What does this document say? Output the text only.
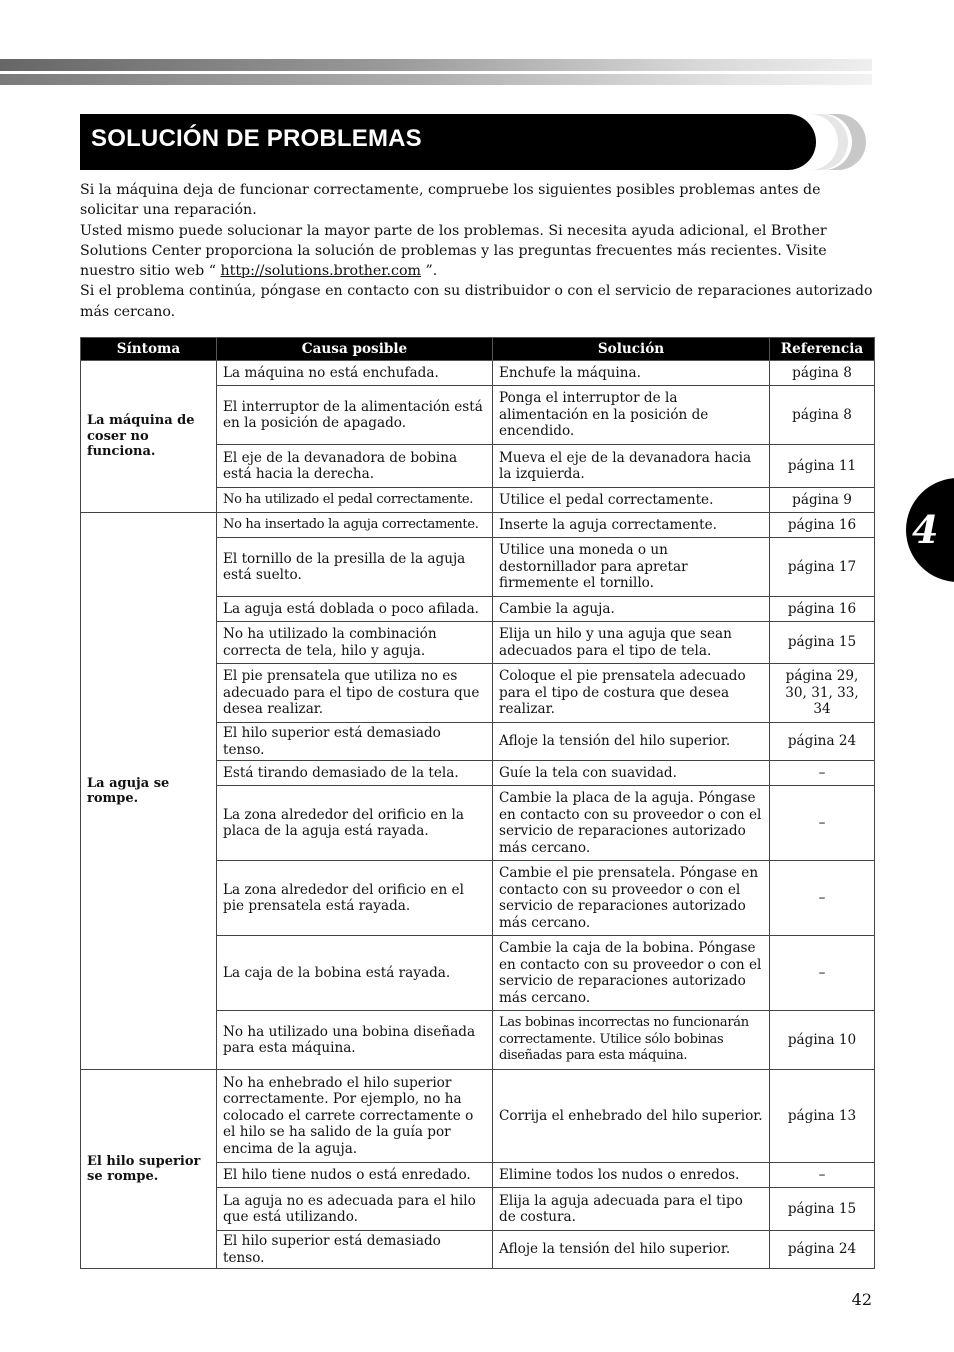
SOLUCIÓN DE PROBLEMAS

Si la máquina deja de funcionar correctamente, compruebe los siguientes posibles problemas antes de solicitar una reparación.

Usted mismo puede solucionar la mayor parte de los problemas. Si necesita ayuda adicional, el Brother Solutions Center proporciona la solución de problemas y las preguntas frecuentes más recientes. Visite nuestro sitio web “ http://solutions.brother.com ”.

Si el problema continúa, póngase en contacto con su distribuidor o con el servicio de reparaciones autorizado más cercano.

Síntoma	Causa posible	Solución	Referencia
La máquina de coser no funciona.	La máquina no está enchufada.	Enchufe la máquina.	página 8
	El interruptor de la alimentación está en la posición de apagado.	Ponga el interruptor de la alimentación en la posición de encendido.	página 8
	El eje de la devanadora de bobina está hacia la derecha.	Mueva el eje de la devanadora hacia la izquierda.	página 11
	No ha utilizado el pedal correctamente.	Utilice el pedal correctamente.	página 9
La aguja se rompe.	No ha insertado la aguja correctamente.	Inserte la aguja correctamente.	página 16
	El tornillo de la presilla de la aguja está suelto.	Utilice una moneda o un destornillador para apretar firmemente el tornillo.	página 17
	La aguja está doblada o poco afilada.	Cambie la aguja.	página 16
	No ha utilizado la combinación correcta de tela, hilo y aguja.	Elija un hilo y una aguja que sean adecuados para el tipo de tela.	página 15
	El pie prensatela que utiliza no es adecuado para el tipo de costura que desea realizar.	Coloque el pie prensatela adecuado para el tipo de costura que desea realizar.	página 29, 30, 31, 33, 34
	El hilo superior está demasiado tenso.	Afloje la tensión del hilo superior.	página 24
	Está tirando demasiado de la tela.	Guíe la tela con suavidad.	–
	La zona alrededor del orificio en la placa de la aguja está rayada.	Cambie la placa de la aguja. Póngase en contacto con su proveedor o con el servicio de reparaciones autorizado más cercano.	–
	La zona alrededor del orificio en el pie prensatela está rayada.	Cambie el pie prensatela. Póngase en contacto con su proveedor o con el servicio de reparaciones autorizado más cercano.	–
	La caja de la bobina está rayada.	Cambie la caja de la bobina. Póngase en contacto con su proveedor o con el servicio de reparaciones autorizado más cercano.	–
	No ha utilizado una bobina diseñada para esta máquina.	Las bobinas incorrectas no funcionarán correctamente. Utilice sólo bobinas diseñadas para esta máquina.	página 10
El hilo superior se rompe.	No ha enhebrado el hilo superior correctamente. Por ejemplo, no ha colocado el carrete correctamente o el hilo se ha salido de la guía por encima de la aguja.	Corrija el enhebrado del hilo superior.	página 13
	El hilo tiene nudos o está enredado.	Elimine todos los nudos o enredos.	–
	La aguja no es adecuada para el hilo que está utilizando.	Elija la aguja adecuada para el tipo de costura.	página 15
	El hilo superior está demasiado tenso.	Afloje la tensión del hilo superior.	página 24
4
42
